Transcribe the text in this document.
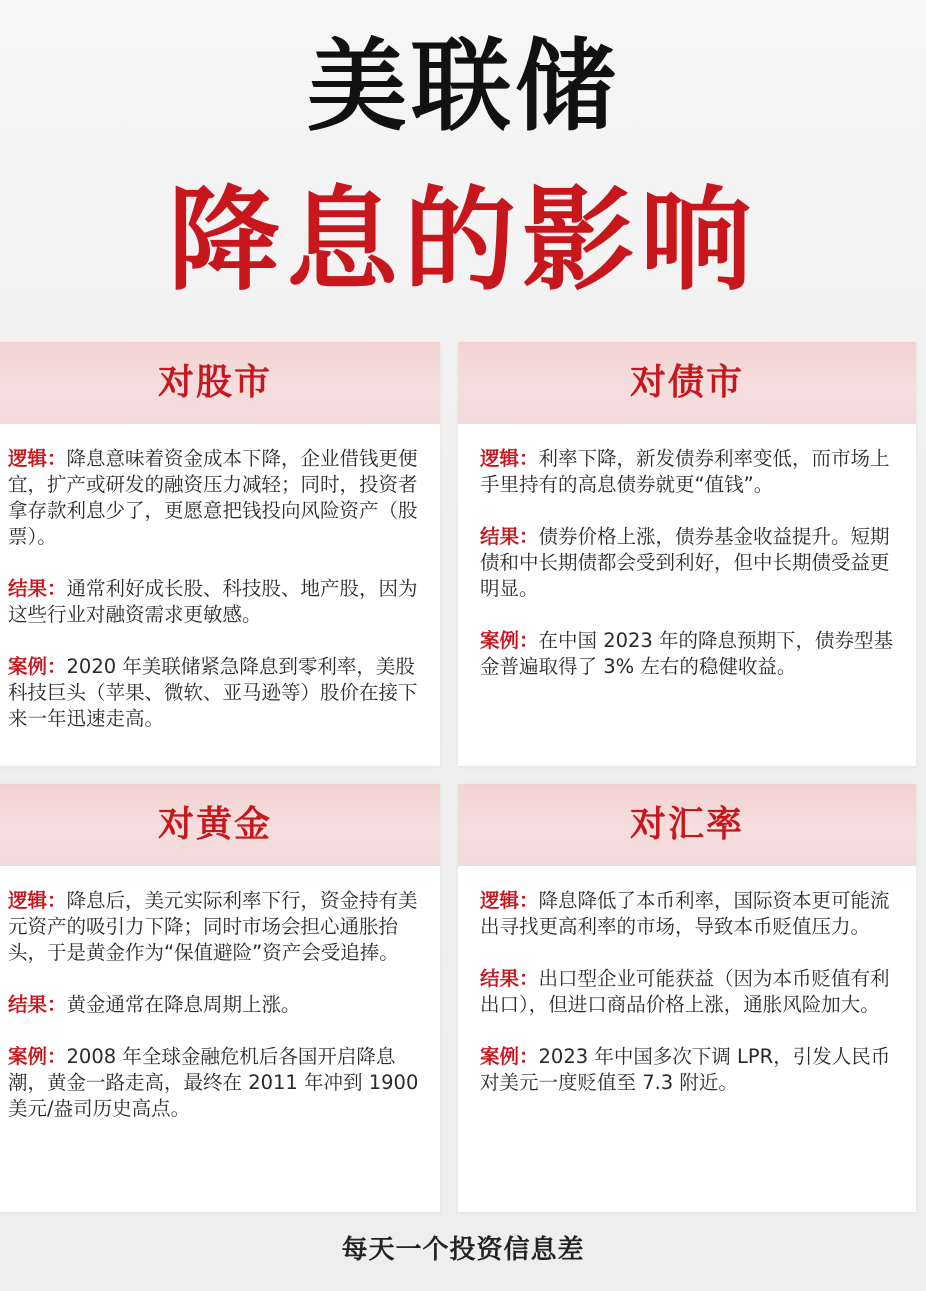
美联储
降息的影响
对股市
逻辑：降息意味着资金成本下降，企业借钱更便宜，扩产或研发的融资压力减轻；同时，投资者拿存款利息少了，更愿意把钱投向风险资产（股票）。
结果：通常利好成长股、科技股、地产股，因为这些行业对融资需求更敏感。
案例：2020 年美联储紧急降息到零利率，美股科技巨头（苹果、微软、亚马逊等）股价在接下来一年迅速走高。
对债市
逻辑：利率下降，新发债券利率变低，而市场上手里持有的高息债券就更“值钱”。
结果：债券价格上涨，债券基金收益提升。短期债和中长期债都会受到利好，但中长期债受益更明显。
案例：在中国 2023 年的降息预期下，债券型基金普遍取得了 3% 左右的稳健收益。
对黄金
逻辑：降息后，美元实际利率下行，资金持有美元资产的吸引力下降；同时市场会担心通胀抬头，于是黄金作为“保值避险”资产会受追捧。
结果：黄金通常在降息周期上涨。
案例：2008 年全球金融危机后各国开启降息潮，黄金一路走高，最终在 2011 年冲到 1900 美元/盎司历史高点。
对汇率
逻辑：降息降低了本币利率，国际资本更可能流出寻找更高利率的市场，导致本币贬值压力。
结果：出口型企业可能获益（因为本币贬值有利出口），但进口商品价格上涨，通胀风险加大。
案例：2023 年中国多次下调 LPR，引发人民币对美元一度贬值至 7.3 附近。
每天一个投资信息差
